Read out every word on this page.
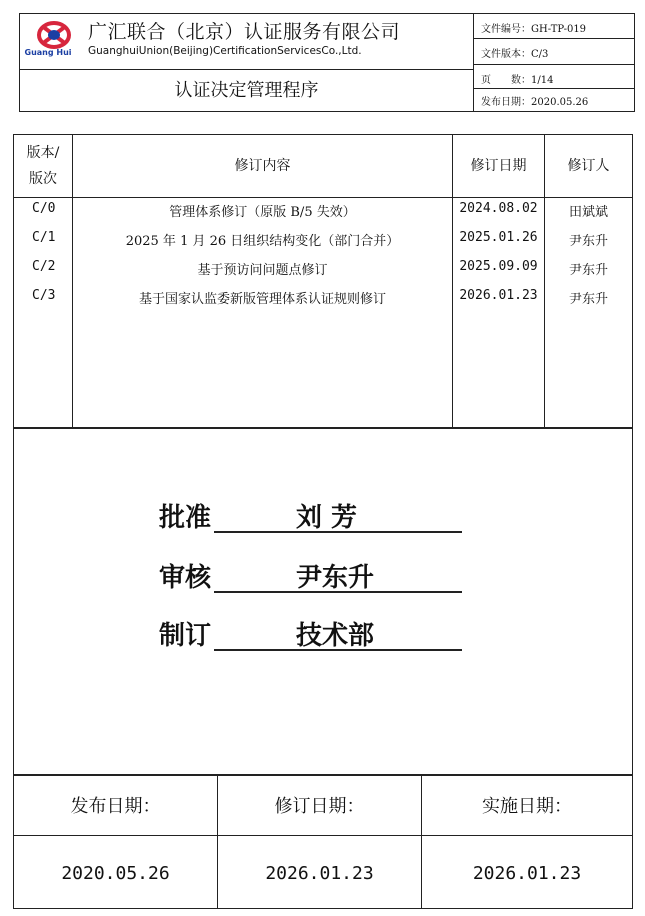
Guang Hui
广汇联合（北京）认证服务有限公司
GuanghuiUnion(Beijing)CertificationServicesCo.,Ltd.
认证决定管理程序
文件编号：GH-TP-019
文件版本：C/3
页　　数：1/14
发布日期：2020.05.26
版本/
版次
修订内容	修订日期	修订人
C/0	管理体系修订（原版 B/5 失效）	2024.08.02	田斌斌
C/1	2025 年 1 月 26 日组织结构变化（部门合并）	2025.01.26	尹东升
C/2	基于预访问问题点修订	2025.09.09	尹东升
C/3	基于国家认监委新版管理体系认证规则修订	2026.01.23	尹东升
批准	刘 芳
审核	尹东升
制订	技术部
发布日期：	修订日期：	实施日期：
2020.05.26	2026.01.23	2026.01.23
